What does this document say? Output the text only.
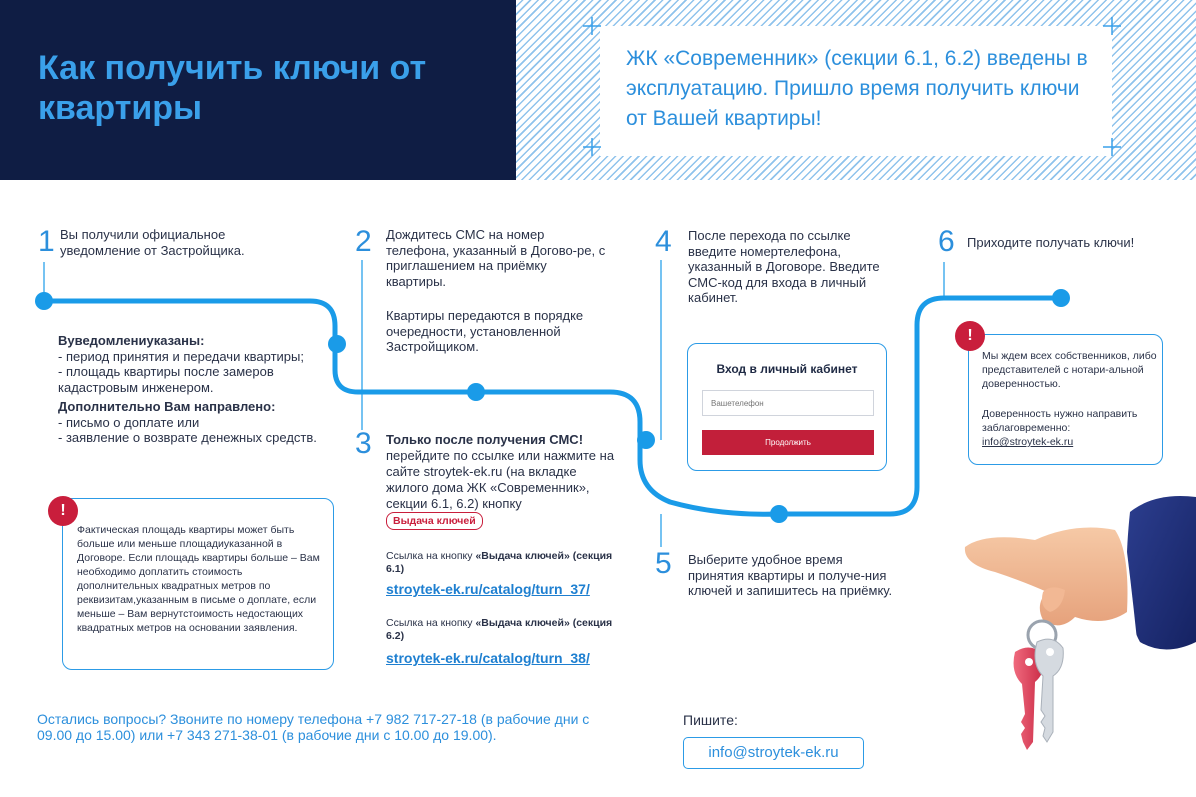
Как получить ключи от квартиры
ЖК «Современник» (секции 6.1, 6.2) введены в эксплуатацию. Пришло время получить ключи от Вашей квартиры!
1 Вы получили официальное уведомление от Застройщика.
Вуведомлениуказаны:
- период принятия и передачи квартиры;
- площадь квартиры после замеров кадастровым инженером.
Дополнительно Вам направлено:
- письмо о доплате или
- заявление о возврате денежных средств.
Фактическая площадь квартиры может быть больше или меньше площадиуказанной в Договоре. Если площадь квартиры больше – Вам необходимо доплатить стоимость дополнительных квадратных метров по реквизитам,указанным в письме о доплате, если меньше – Вам вернутстоимость недостающих квадратных метров на основании заявления.
!
2 Дождитесь СМС на номер телефона, указанный в Догово-ре, с приглашением на приёмку квартиры.
Квартиры передаются в порядке очередности, установленной Застройщиком.
3 Только после получения СМС! перейдите по ссылке или нажмите на сайте stroytek-ek.ru (на вкладке жилого дома ЖК «Современник», секции 6.1, 6.2) кнопку Выдача ключей
Ссылка на кнопку «Выдача ключей» (секция 6.1)
stroytek-ek.ru/catalog/turn_37/
Ссылка на кнопку «Выдача ключей» (секция 6.2)
stroytek-ek.ru/catalog/turn_38/
4 После перехода по ссылке введите номертелефона, указанный в Договоре. Введите СМС-код для входа в личный кабинет.
Вход в личный кабинет
Вашетелефон
Продолжить
5 Выберите удобное время принятия квартиры и получе-ния ключей и запишитесь на приёмку.
6 Приходите получать ключи!
Мы ждем всех собственников, либо представителей с нотари-альной доверенностью.
Доверенность нужно направить заблаговременно:
info@stroytek-ek.ru
!
Остались вопросы? Звоните по номеру телефона +7 982 717-27-18 (в рабочие дни с 09.00 до 15.00) или +7 343 271-38-01 (в рабочие дни с 10.00 до 19.00).
Пишите:
info@stroytek-ek.ru
